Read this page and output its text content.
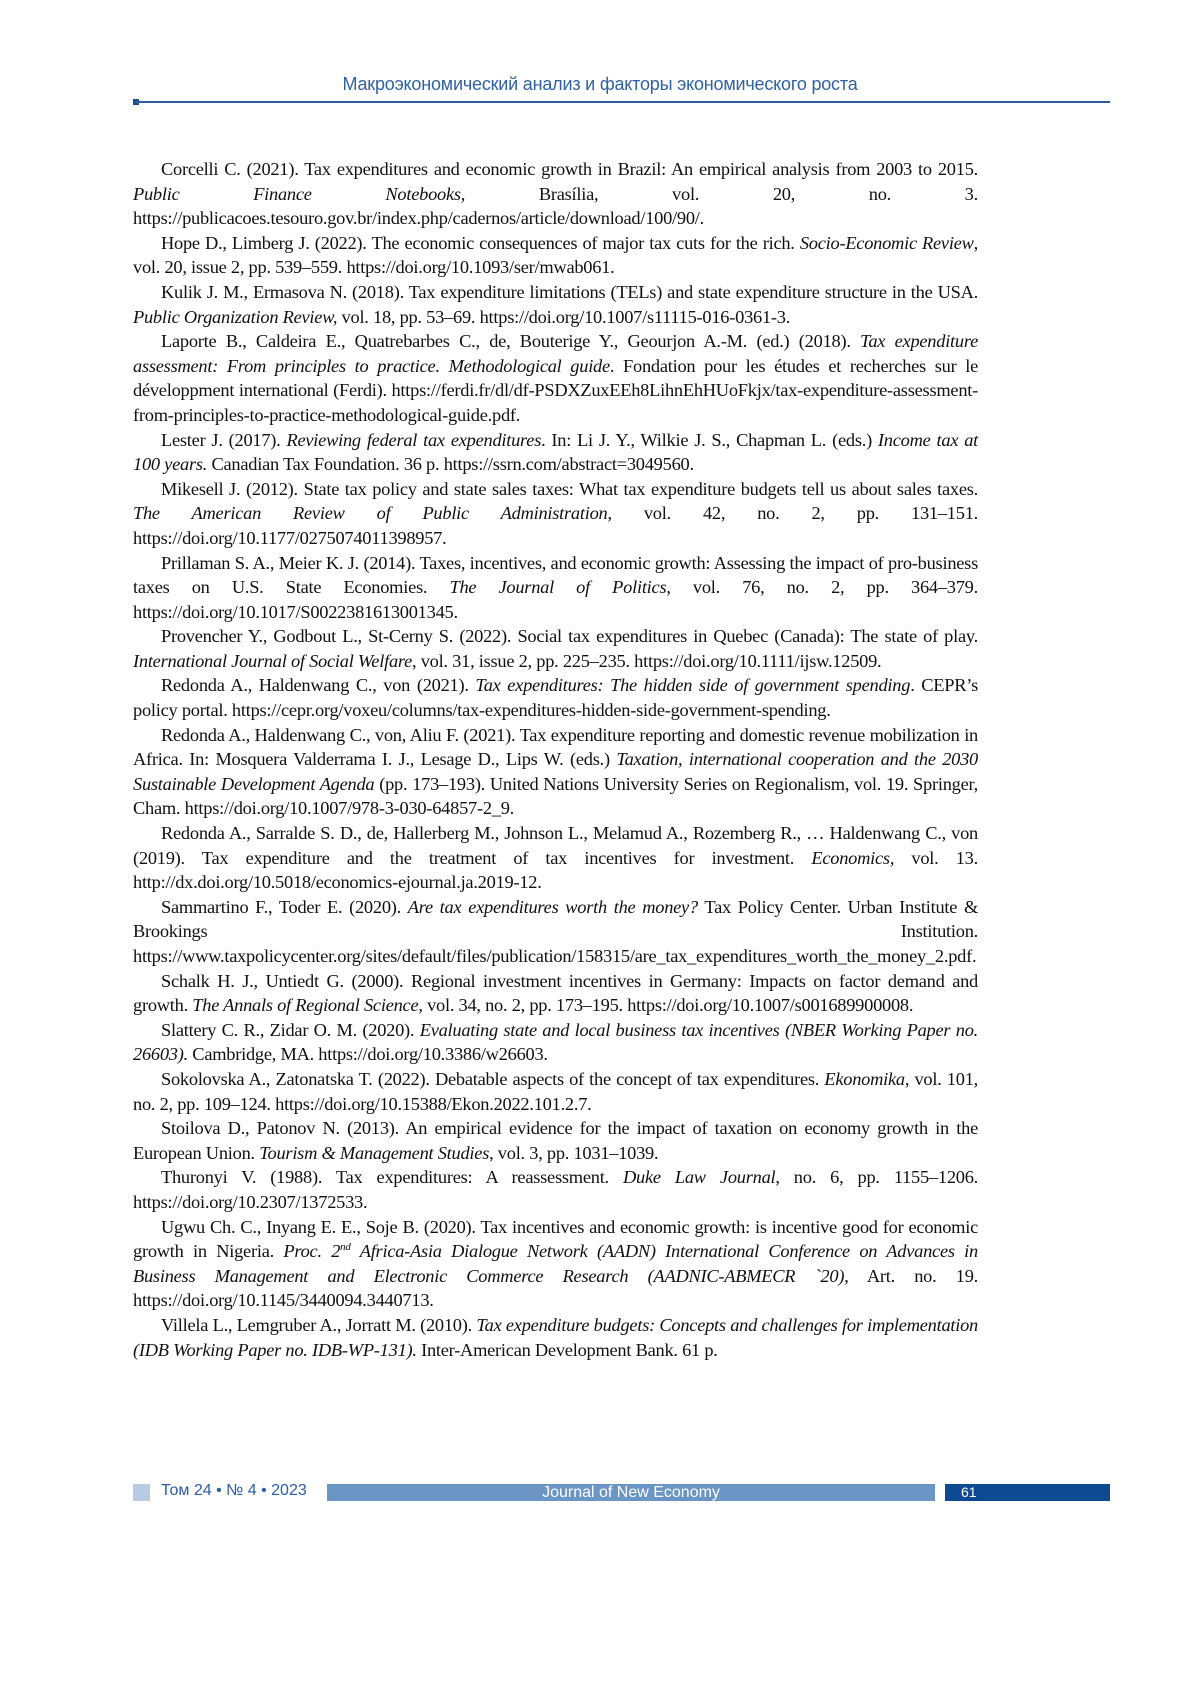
Макроэкономический анализ и факторы экономического роста

Corcelli C. (2021). Tax expenditures and economic growth in Brazil: An empirical analysis from 2003 to 2015. Public Finance Notebooks, Brasília, vol. 20, no. 3. https://publicacoes.tesouro.gov.br/index.php/cadernos/article/download/100/90/.

Hope D., Limberg J. (2022). The economic consequences of major tax cuts for the rich. Socio-Economic Review, vol. 20, issue 2, pp. 539–559. https://doi.org/10.1093/ser/mwab061.

Kulik J. M., Ermasova N. (2018). Tax expenditure limitations (TELs) and state expenditure structure in the USA. Public Organization Review, vol. 18, pp. 53–69. https://doi.org/10.1007/s11115-016-0361-3.

Laporte B., Caldeira E., Quatrebarbes C., de, Bouterige Y., Geourjon A.-M. (ed.) (2018). Tax expenditure assessment: From principles to practice. Methodological guide. Fondation pour les études et recherches sur le développment international (Ferdi). https://ferdi.fr/dl/df-PSDXZuxEEh8LihnEhHUoFkjx/tax-expenditure-assessment-from-principles-to-practice-methodological-guide.pdf.

Lester J. (2017). Reviewing federal tax expenditures. In: Li J. Y., Wilkie J. S., Chapman L. (eds.) Income tax at 100 years. Canadian Tax Foundation. 36 p. https://ssrn.com/abstract=3049560.

Mikesell J. (2012). State tax policy and state sales taxes: What tax expenditure budgets tell us about sales taxes. The American Review of Public Administration, vol. 42, no. 2, pp. 131–151. https://doi.org/10.1177/0275074011398957.

Prillaman S. A., Meier K. J. (2014). Taxes, incentives, and economic growth: Assessing the impact of pro-business taxes on U.S. State Economies. The Journal of Politics, vol. 76, no. 2, pp. 364–379. https://doi.org/10.1017/S0022381613001345.

Provencher Y., Godbout L., St-Cerny S. (2022). Social tax expenditures in Quebec (Canada): The state of play. International Journal of Social Welfare, vol. 31, issue 2, pp. 225–235. https://doi.org/10.1111/ijsw.12509.

Redonda A., Haldenwang C., von (2021). Tax expenditures: The hidden side of government spending. CEPR’s policy portal. https://cepr.org/voxeu/columns/tax-expenditures-hidden-side-government-spending.

Redonda A., Haldenwang C., von, Aliu F. (2021). Tax expenditure reporting and domestic revenue mobilization in Africa. In: Mosquera Valderrama I. J., Lesage D., Lips W. (eds.) Taxation, international cooperation and the 2030 Sustainable Development Agenda (pp. 173–193). United Nations University Series on Regionalism, vol. 19. Springer, Cham. https://doi.org/10.1007/978-3-030-64857-2_9.

Redonda A., Sarralde S. D., de, Hallerberg M., Johnson L., Melamud A., Rozemberg R., … Haldenwang C., von (2019). Tax expenditure and the treatment of tax incentives for investment. Economics, vol. 13. http://dx.doi.org/10.5018/economics-ejournal.ja.2019-12.

Sammartino F., Toder E. (2020). Are tax expenditures worth the money? Tax Policy Center. Urban Institute & Brookings Institution. https://www.taxpolicycenter.org/sites/default/files/publication/158315/are_tax_expenditures_worth_the_money_2.pdf.

Schalk H. J., Untiedt G. (2000). Regional investment incentives in Germany: Impacts on factor demand and growth. The Annals of Regional Science, vol. 34, no. 2, pp. 173–195. https://doi.org/10.1007/s001689900008.

Slattery C. R., Zidar O. M. (2020). Evaluating state and local business tax incentives (NBER Working Paper no. 26603). Cambridge, MA. https://doi.org/10.3386/w26603.

Sokolovska A., Zatonatska T. (2022). Debatable aspects of the concept of tax expenditures. Ekonomika, vol. 101, no. 2, pp. 109–124. https://doi.org/10.15388/Ekon.2022.101.2.7.

Stoilova D., Patonov N. (2013). An empirical evidence for the impact of taxation on economy growth in the European Union. Tourism & Management Studies, vol. 3, pp. 1031–1039.

Thuronyi V. (1988). Tax expenditures: A reassessment. Duke Law Journal, no. 6, pp. 1155–1206. https://doi.org/10.2307/1372533.

Ugwu Ch. C., Inyang E. E., Soje B. (2020). Tax incentives and economic growth: is incentive good for economic growth in Nigeria. Proc. 2nd Africa-Asia Dialogue Network (AADN) International Conference on Advances in Business Management and Electronic Commerce Research (AADNIC-ABMECR `20), Art. no. 19. https://doi.org/10.1145/3440094.3440713.

Villela L., Lemgruber A., Jorratt M. (2010). Tax expenditure budgets: Concepts and challenges for implementation (IDB Working Paper no. IDB-WP-131). Inter-American Development Bank. 61 p.

Том 24 • № 4 • 2023	Journal of New Economy	61
